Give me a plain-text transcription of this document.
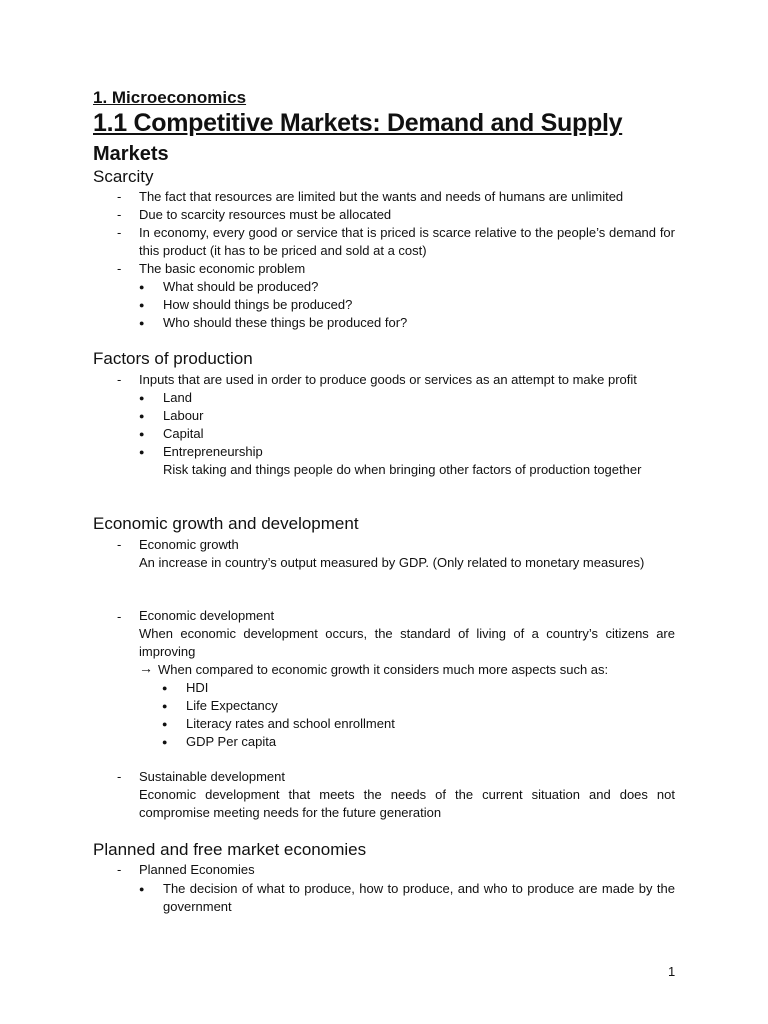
1. Microeconomics
1.1 Competitive Markets: Demand and Supply
Markets
Scarcity
- The fact that resources are limited but the wants and needs of humans are unlimited
- Due to scarcity resources must be allocated
- In economy, every good or service that is priced is scarce relative to the people’s demand for this product (it has to be priced and sold at a cost)
- The basic economic problem
● What should be produced?
● How should things be produced?
● Who should these things be produced for?
Factors of production
- Inputs that are used in order to produce goods or services as an attempt to make profit
● Land
● Labour
● Capital
● Entrepreneurship
Risk taking and things people do when bringing other factors of production together
Economic growth and development
- Economic growth
An increase in country’s output measured by GDP. (Only related to monetary measures)
- Economic development
When economic development occurs, the standard of living of a country’s citizens are improving
→ When compared to economic growth it considers much more aspects such as:
● HDI
● Life Expectancy
● Literacy rates and school enrollment
● GDP Per capita
- Sustainable development
Economic development that meets the needs of the current situation and does not compromise meeting needs for the future generation
Planned and free market economies
- Planned Economies
● The decision of what to produce, how to produce, and who to produce are made by the government
1
